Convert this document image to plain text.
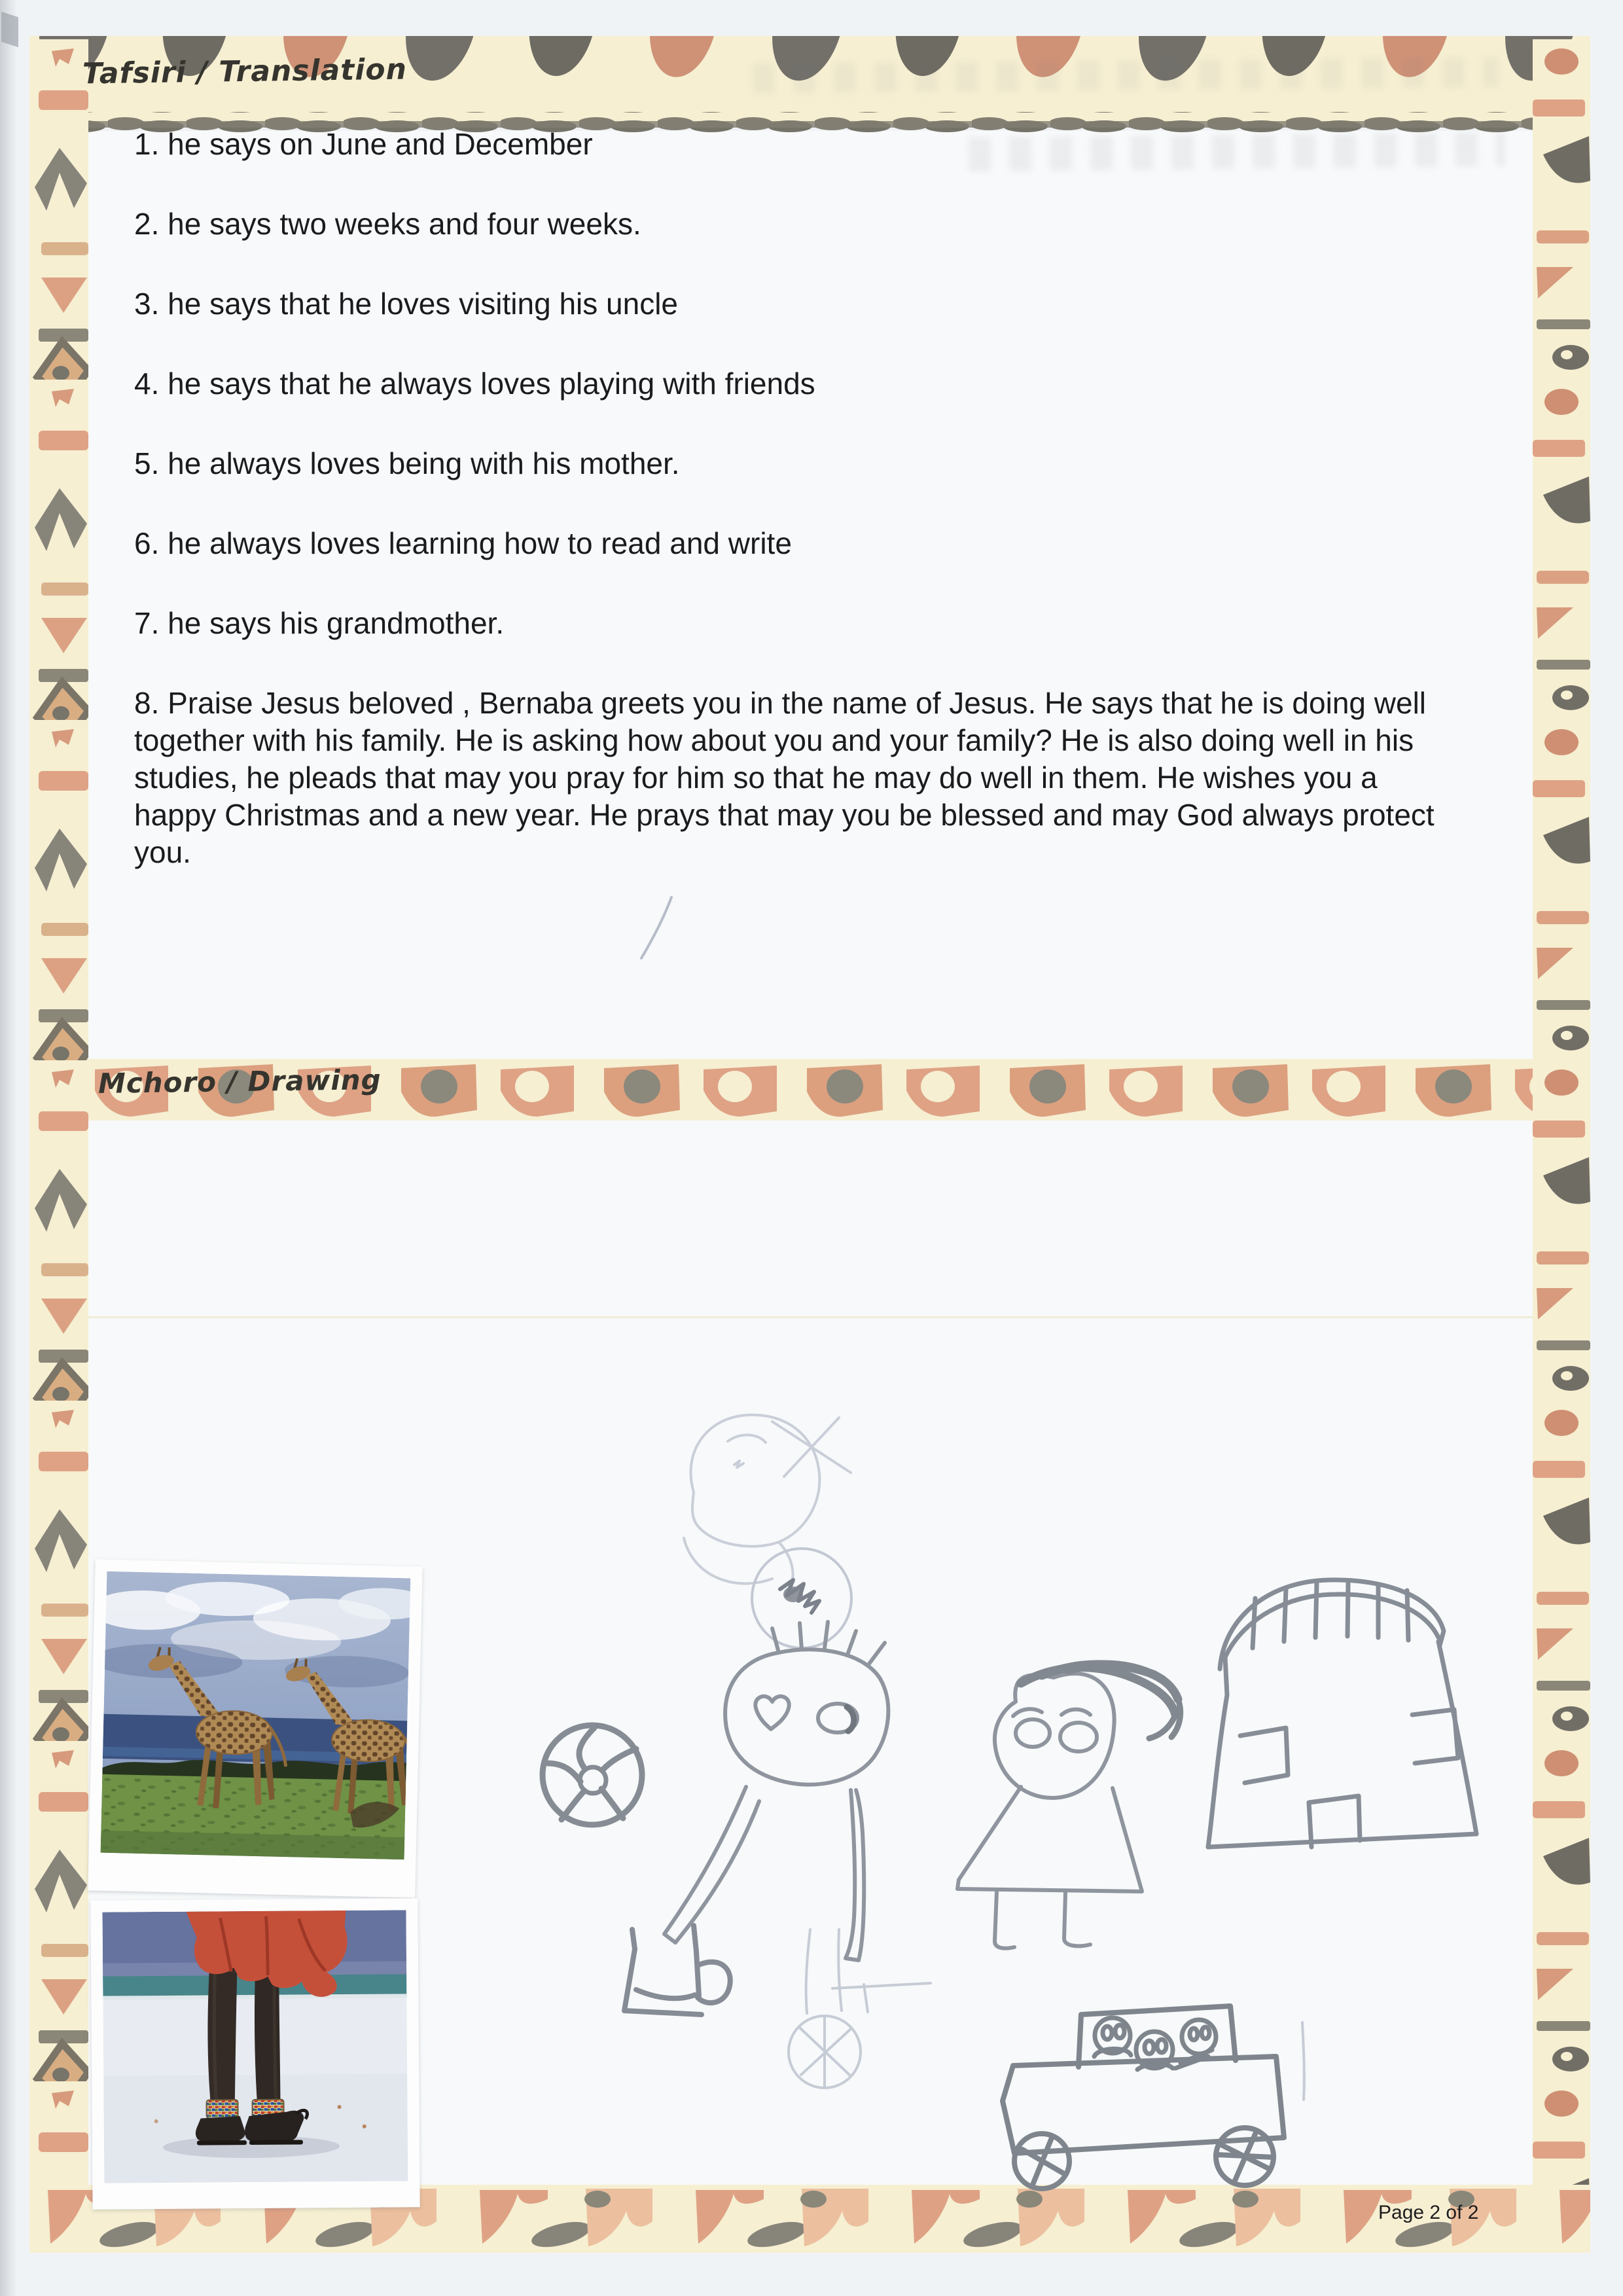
Tafsiri / Translation
1. he says on June and December
2. he says two weeks and four weeks.
3. he says that he loves visiting his uncle
4. he says that he always loves playing with friends
5. he always loves being with his mother.
6. he always loves learning how to read and write
7. he says his grandmother.
8. Praise Jesus beloved , Bernaba greets you in the name of Jesus. He says that he is doing well together with his family. He is asking how about you and your family? He is also doing well in his studies, he pleads that may you pray for him so that he may do well in them. He wishes you a happy Christmas and a new year. He prays that may you be blessed and may God always protect you.
Mchoro / Drawing
Page 2 of 2
